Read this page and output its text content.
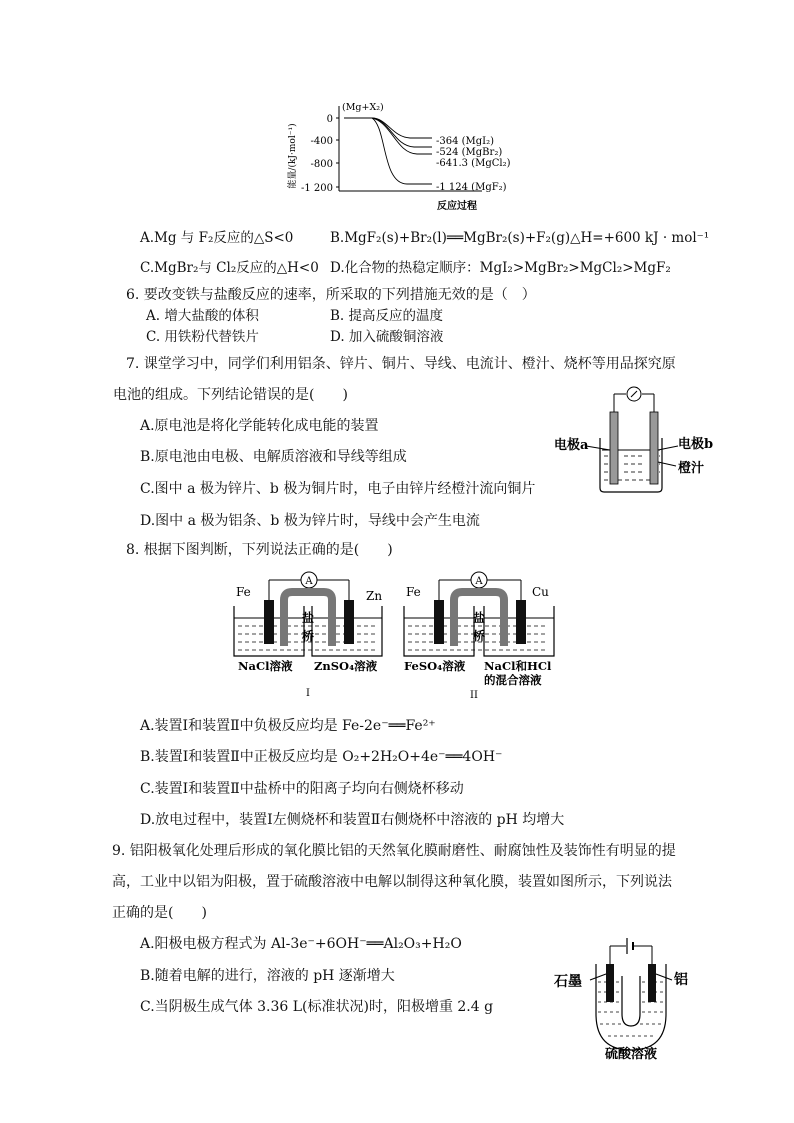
能量/(kJ·mol⁻¹)
0
-400
-800
-1 200
(Mg+X₂)
-364 (MgI₂)
-524 (MgBr₂)
-641.3 (MgCl₂)
-1 124 (MgF₂)
反应过程
A.Mg 与 F₂反应的△S<0	B.MgF₂(s)+Br₂(l)══MgBr₂(s)+F₂(g)△H=+600 kJ · mol⁻¹
C.MgBr₂与 Cl₂反应的△H<0 D.化合物的热稳定顺序：MgI₂>MgBr₂>MgCl₂>MgF₂
6. 要改变铁与盐酸反应的速率，所采取的下列措施无效的是（　）
A. 增大盐酸的体积	B. 提高反应的温度
C. 用铁粉代替铁片	D. 加入硫酸铜溶液
7. 课堂学习中，同学们利用铝条、锌片、铜片、导线、电流计、橙汁、烧杯等用品探究原
电池的组成。下列结论错误的是(　　)
A.原电池是将化学能转化成电能的装置
B.原电池由电极、电解质溶液和导线等组成
C.图中 a 极为锌片、b 极为铜片时，电子由锌片经橙汁流向铜片
D.图中 a 极为铝条、b 极为锌片时，导线中会产生电流
电极a	电极b
橙汁
8. 根据下图判断，下列说法正确的是(　　)
A
Fe	Zn
盐
桥
NaCl溶液 ZnSO₄溶液
I
A
Fe	Cu
盐
桥
FeSO₄溶液 NaCl和HCl
的混合溶液
II
A.装置Ⅰ和装置Ⅱ中负极反应均是 Fe-2e⁻══Fe²⁺
B.装置Ⅰ和装置Ⅱ中正极反应均是 O₂+2H₂O+4e⁻══4OH⁻
C.装置Ⅰ和装置Ⅱ中盐桥中的阳离子均向右侧烧杯移动
D.放电过程中，装置Ⅰ左侧烧杯和装置Ⅱ右侧烧杯中溶液的 pH 均增大
9. 铝阳极氧化处理后形成的氧化膜比铝的天然氧化膜耐磨性、耐腐蚀性及装饰性有明显的提
高，工业中以铝为阳极，置于硫酸溶液中电解以制得这种氧化膜，装置如图所示，下列说法
正确的是(　　)
A.阳极电极方程式为 Al-3e⁻+6OH⁻══Al₂O₃+H₂O
B.随着电解的进行，溶液的 pH 逐渐增大
C.当阴极生成气体 3.36 L(标准状况)时，阳极增重 2.4 g
石墨	铝
硫酸溶液
